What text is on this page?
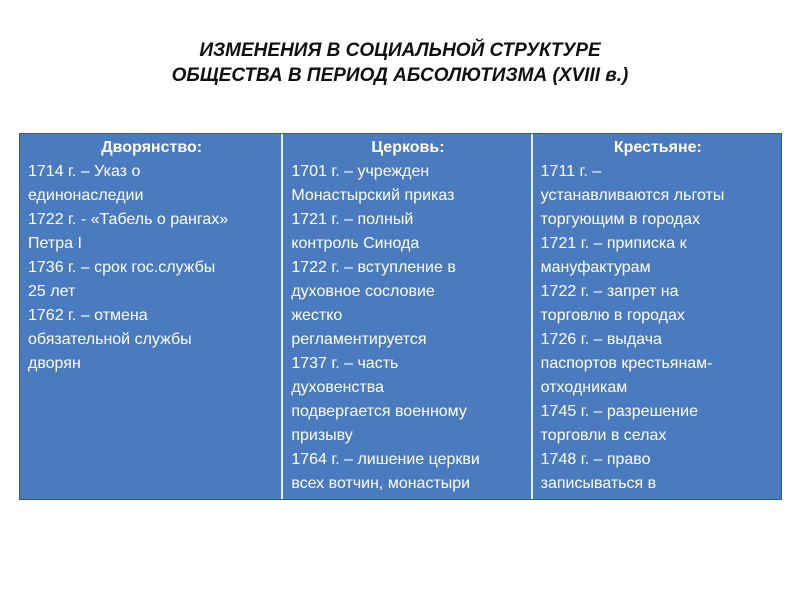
ИЗМЕНЕНИЯ В СОЦИАЛЬНОЙ СТРУКТУРЕ
ОБЩЕСТВА В ПЕРИОД АБСОЛЮТИЗМА (XVIII в.)
Дворянство:
1714 г. – Указ о
единонаследии
1722 г. - «Табель о рангах»
Петра I
1736 г. – срок гос.службы
25 лет
1762 г. – отмена
обязательной службы
дворян
Церковь:
1701 г. – учрежден
Монастырский приказ
1721 г. – полный
контроль Синода
1722 г. – вступление в
духовное сословие
жестко
регламентируется
1737 г. – часть
духовенства
подвергается военному
призыву
1764 г. – лишение церкви
всех вотчин, монастыри
Крестьяне:
1711 г. –
устанавливаются льготы
торгующим в городах
1721 г. – приписка к
мануфактурам
1722 г. – запрет на
торговлю в городах
1726 г. – выдача
паспортов крестьянам-
отходникам
1745 г. – разрешение
торговли в селах
1748 г. – право
записываться в
